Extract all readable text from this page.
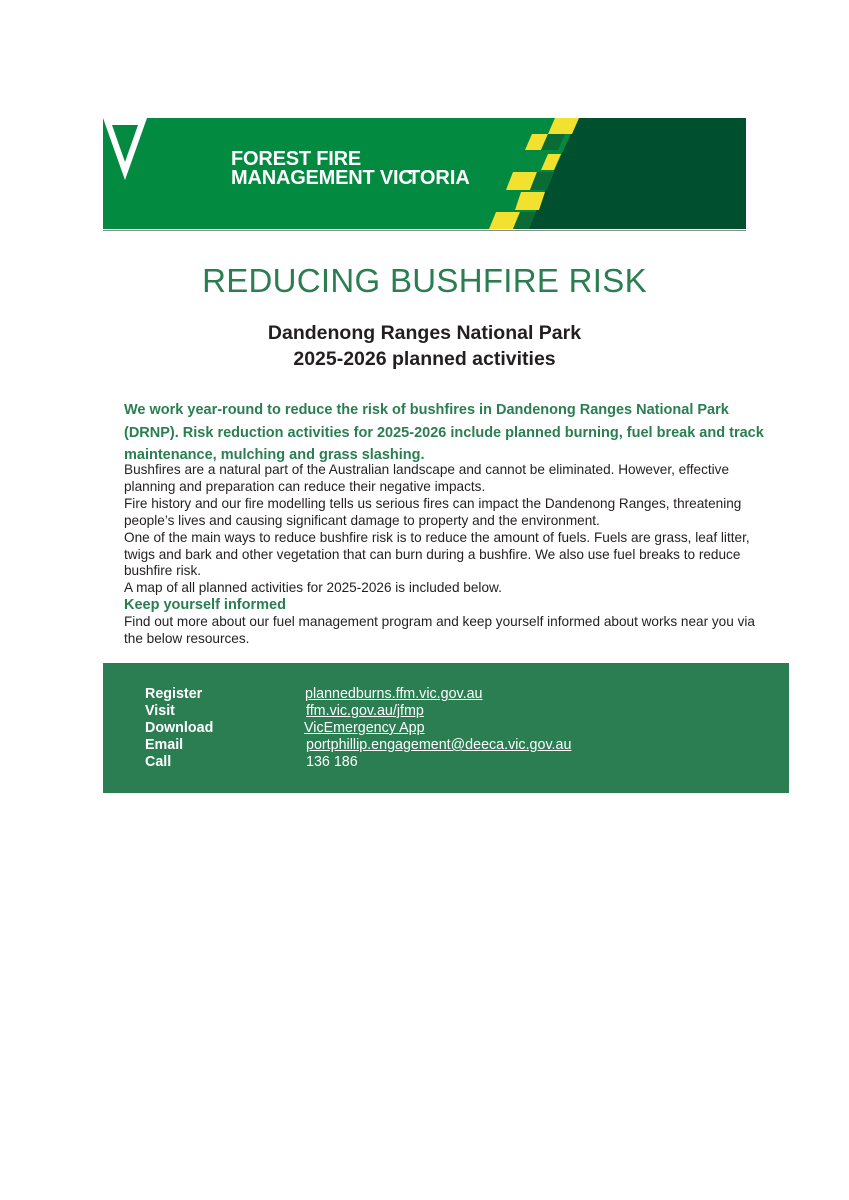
FOREST FIRE
MANAGEMENT VIC
TORIA
REDUCING BUSHFIRE RISK
Dandenong Ranges National Park
2025-2026 planned activities

We work year-round to reduce the risk of bushfires in Dandenong Ranges National Park (DRNP). Risk reduction activities for 2025-2026 include planned burning, fuel break and track maintenance, mulching and grass slashing.

Bushfires are a natural part of the Australian landscape and cannot be eliminated. However, effective planning and preparation can reduce their negative impacts.

Fire history and our fire modelling tells us serious fires can impact the Dandenong Ranges, threatening people’s lives and causing significant damage to property and the environment.

One of the main ways to reduce bushfire risk is to reduce the amount of fuels. Fuels are grass, leaf litter, twigs and bark and other vegetation that can burn during a bushfire. We also use fuel breaks to reduce bushfire risk.

A map of all planned activities for 2025-2026 is included below.

Keep yourself informed

Find out more about our fuel management program and keep yourself informed about works near you via the below resources.

Register	plannedburns.ffm.vic.gov.au
Visit	ffm.vic.gov.au/jfmp
Download	VicEmergency App
Email	portphillip.engagement@deeca.vic.gov.au
Call	136 186
